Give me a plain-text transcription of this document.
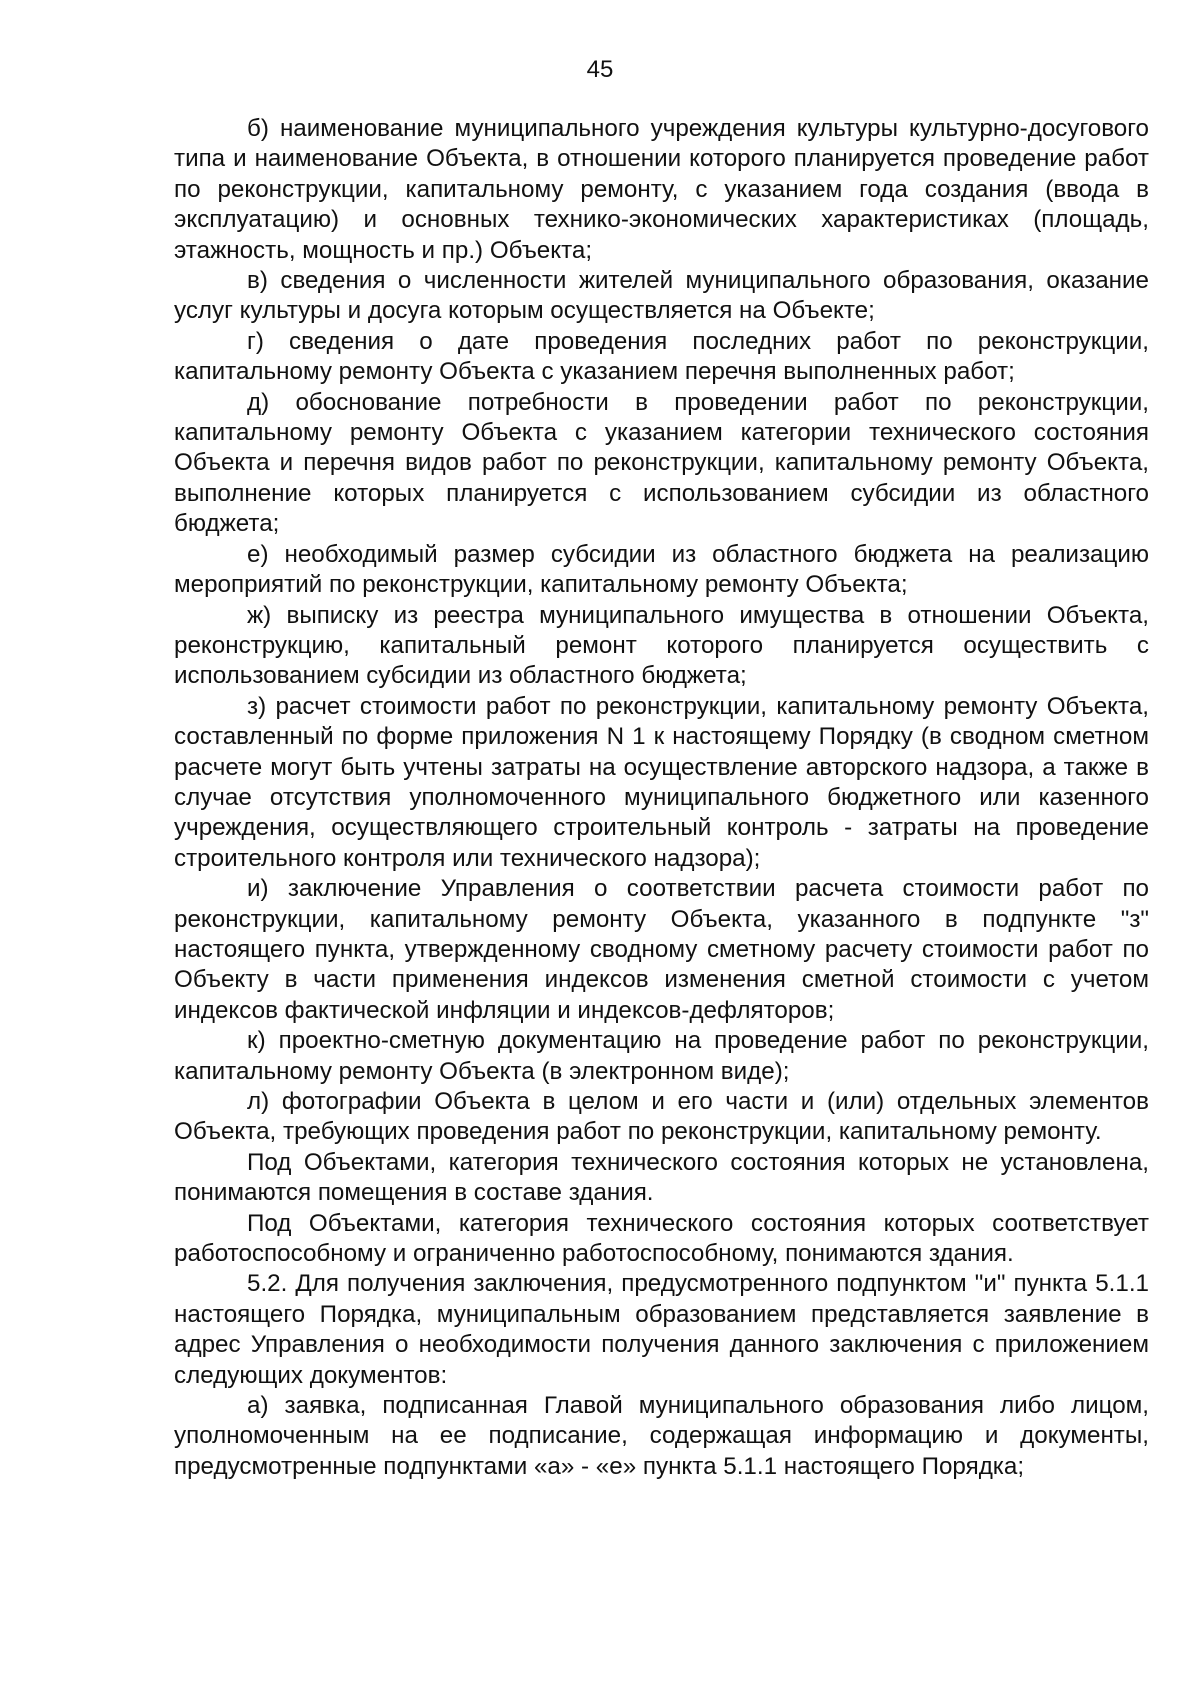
45

б) наименование муниципального учреждения культуры культурно-досугового типа и наименование Объекта, в отношении которого планируется проведение работ по реконструкции, капитальному ремонту, с указанием года создания (ввода в эксплуатацию) и основных технико-экономических характеристиках (площадь, этажность, мощность и пр.) Объекта;

в) сведения о численности жителей муниципального образования, оказание услуг культуры и досуга которым осуществляется на Объекте;

г) сведения о дате проведения последних работ по реконструкции, капитальному ремонту Объекта с указанием перечня выполненных работ;

д) обоснование потребности в проведении работ по реконструкции, капитальному ремонту Объекта с указанием категории технического состояния Объекта и перечня видов работ по реконструкции, капитальному ремонту Объекта, выполнение которых планируется с использованием субсидии из областного бюджета;

е) необходимый размер субсидии из областного бюджета на реализацию мероприятий по реконструкции, капитальному ремонту Объекта;

ж) выписку из реестра муниципального имущества в отношении Объекта, реконструкцию, капитальный ремонт которого планируется осуществить с использованием субсидии из областного бюджета;

з) расчет стоимости работ по реконструкции, капитальному ремонту Объекта, составленный по форме приложения N 1 к настоящему Порядку (в сводном сметном расчете могут быть учтены затраты на осуществление авторского надзора, а также в случае отсутствия уполномоченного муниципального бюджетного или казенного учреждения, осуществляющего строительный контроль - затраты на проведение строительного контроля или технического надзора);

и) заключение Управления о соответствии расчета стоимости работ по реконструкции, капитальному ремонту Объекта, указанного в подпункте "з" настоящего пункта, утвержденному сводному сметному расчету стоимости работ по Объекту в части применения индексов изменения сметной стоимости с учетом индексов фактической инфляции и индексов-дефляторов;

к) проектно-сметную документацию на проведение работ по реконструкции, капитальному ремонту Объекта (в электронном виде);

л) фотографии Объекта в целом и его части и (или) отдельных элементов Объекта, требующих проведения работ по реконструкции, капитальному ремонту.

Под Объектами, категория технического состояния которых не установлена, понимаются помещения в составе здания.

Под Объектами, категория технического состояния которых соответствует работоспособному и ограниченно работоспособному, понимаются здания.

5.2. Для получения заключения, предусмотренного подпунктом "и" пункта 5.1.1 настоящего Порядка, муниципальным образованием представляется заявление в адрес Управления о необходимости получения данного заключения с приложением следующих документов:

а) заявка, подписанная Главой муниципального образования либо лицом, уполномоченным на ее подписание, содержащая информацию и документы, предусмотренные подпунктами «а» - «е» пункта 5.1.1 настоящего Порядка;
